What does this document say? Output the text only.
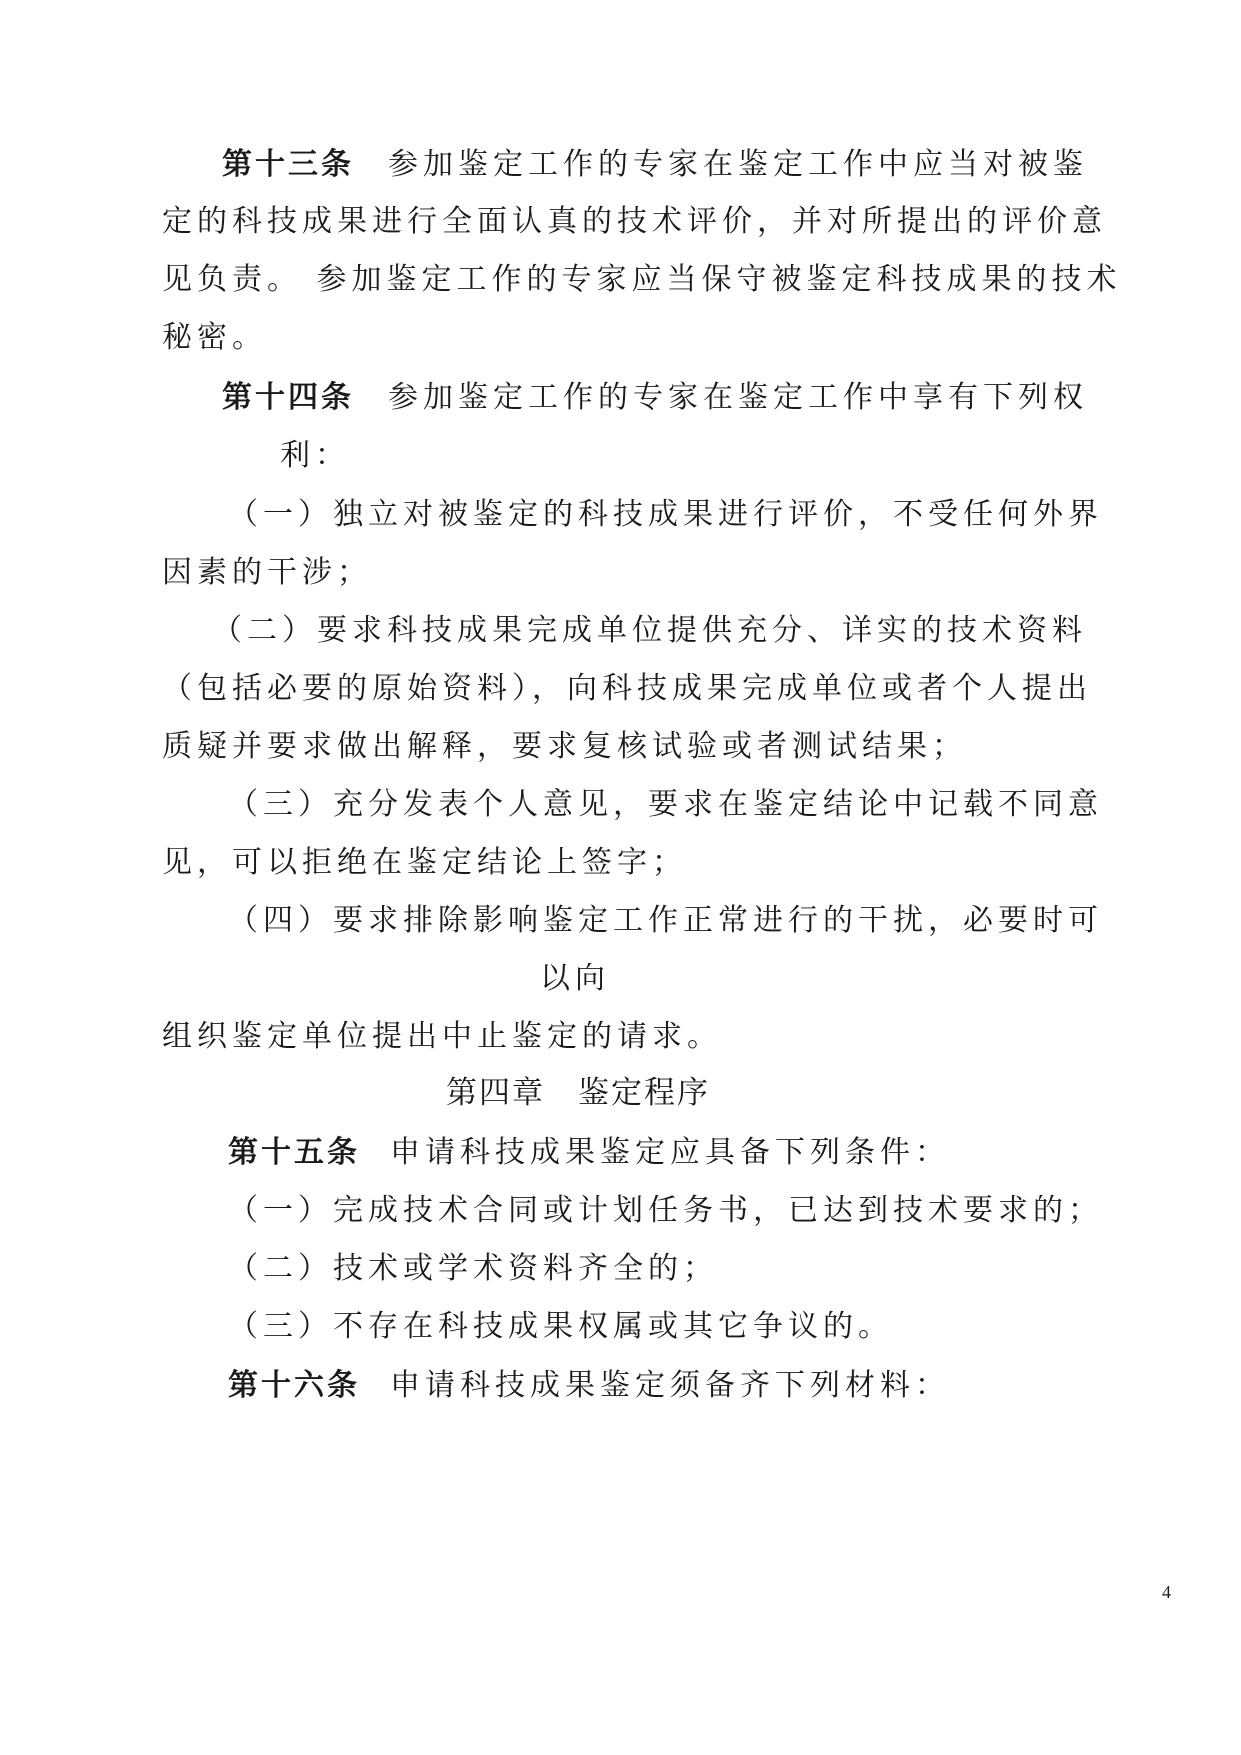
第十三条 参加鉴定工作的专家在鉴定工作中应当对被鉴
定的科技成果进行全面认真的技术评价，并对所提出的评价意
见负责。 参加鉴定工作的专家应当保守被鉴定科技成果的技术
秘密。
第十四条 参加鉴定工作的专家在鉴定工作中享有下列权
利：
（一）独立对被鉴定的科技成果进行评价，不受任何外界
因素的干涉；
（二）要求科技成果完成单位提供充分、详实的技术资料
（包括必要的原始资料），向科技成果完成单位或者个人提出
质疑并要求做出解释，要求复核试验或者测试结果；
（三）充分发表个人意见，要求在鉴定结论中记载不同意
见，可以拒绝在鉴定结论上签字；
（四）要求排除影响鉴定工作正常进行的干扰，必要时可
以向
组织鉴定单位提出中止鉴定的请求。
第四章　鉴定程序
第十五条 申请科技成果鉴定应具备下列条件：
（一）完成技术合同或计划任务书，已达到技术要求的；
（二）技术或学术资料齐全的；
（三）不存在科技成果权属或其它争议的。
第十六条 申请科技成果鉴定须备齐下列材料：
4
